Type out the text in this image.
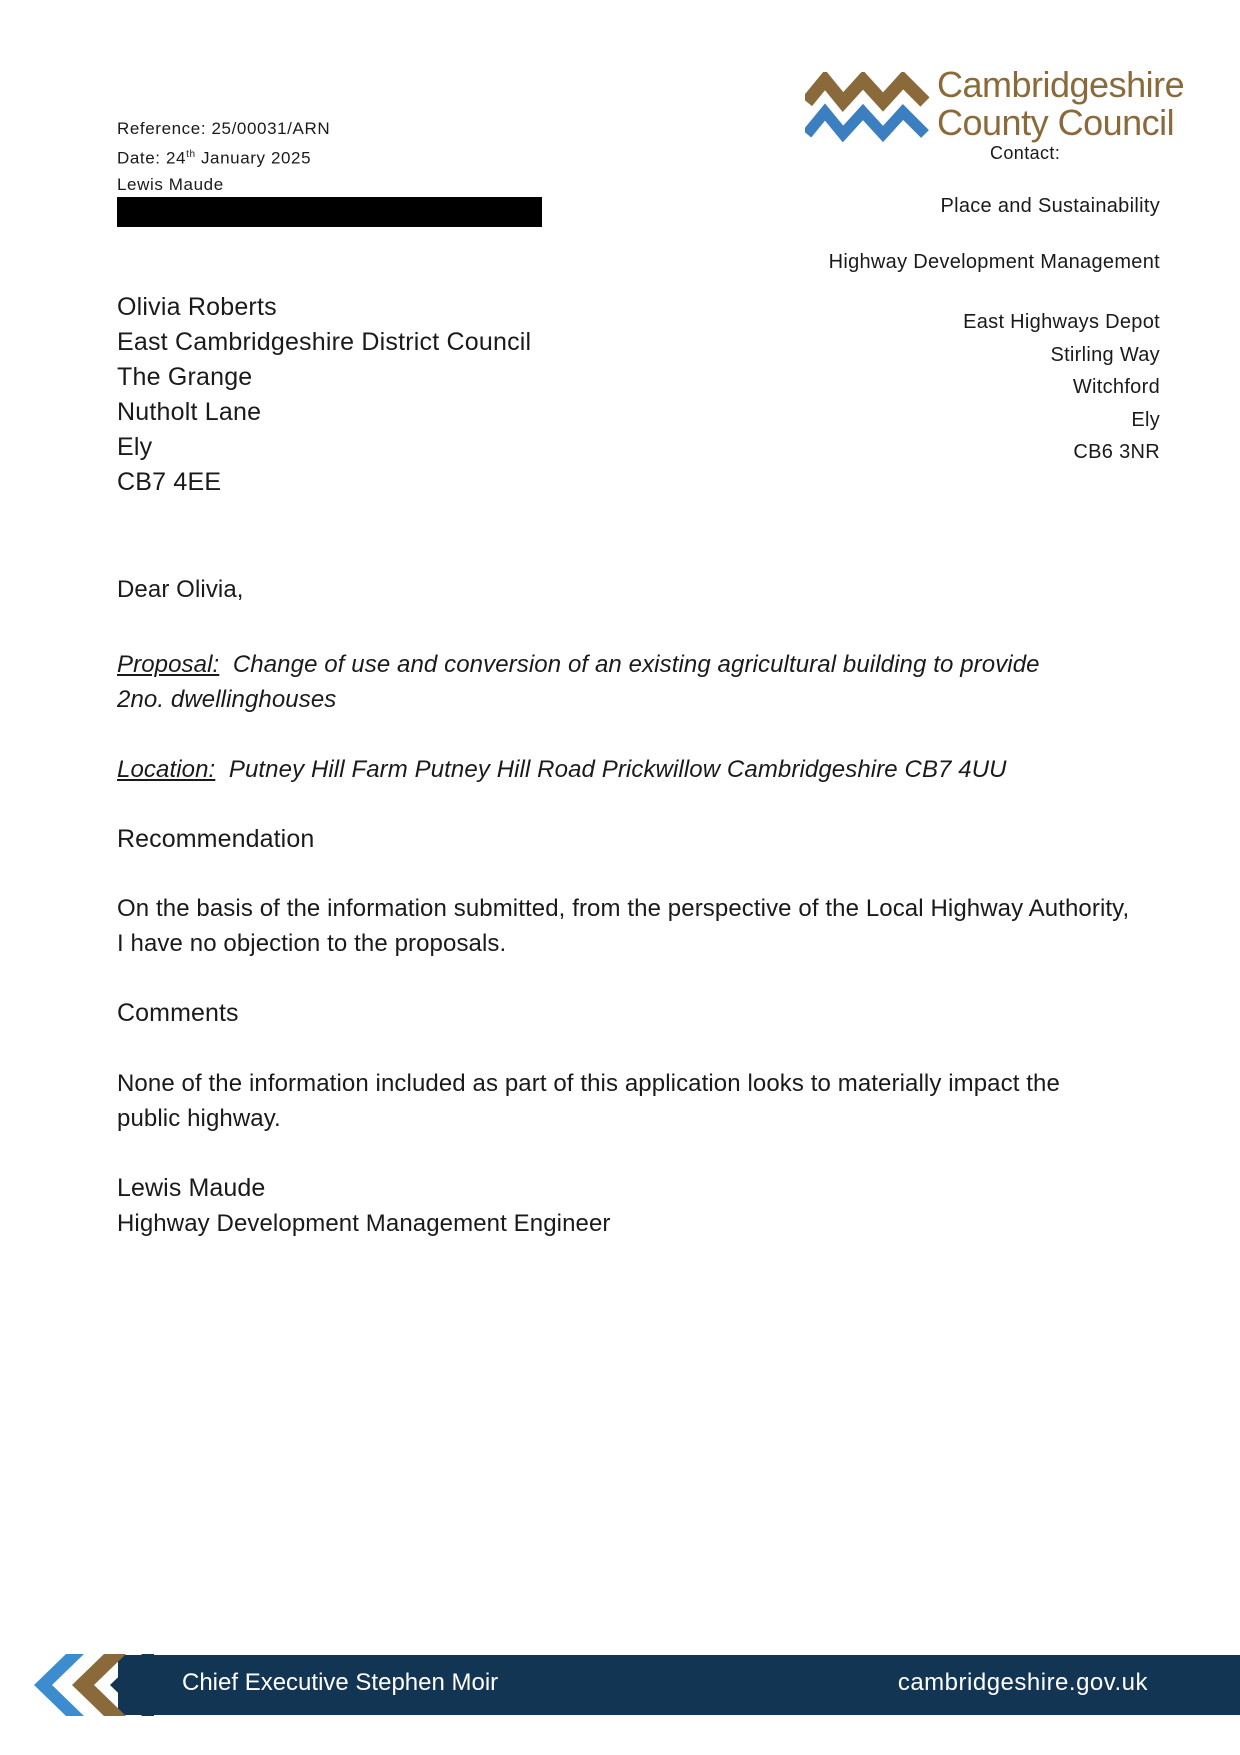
Reference: 25/00031/ARN
Date: 24th January 2025
Lewis Maude
Cambridgeshire
County Council
Contact:
Place and Sustainability
Highway Development Management
East Highways Depot
Stirling Way
Witchford
Ely
CB6 3NR
Olivia Roberts
East Cambridgeshire District Council
The Grange
Nutholt Lane
Ely
CB7 4EE
Dear Olivia,
Proposal: Change of use and conversion of an existing agricultural building to provide
2no. dwellinghouses
Location: Putney Hill Farm Putney Hill Road Prickwillow Cambridgeshire CB7 4UU
Recommendation
On the basis of the information submitted, from the perspective of the Local Highway Authority,
I have no objection to the proposals.
Comments
None of the information included as part of this application looks to materially impact the
public highway.
Lewis Maude
Highway Development Management Engineer
Chief Executive Stephen Moir	cambridgeshire.gov.uk
